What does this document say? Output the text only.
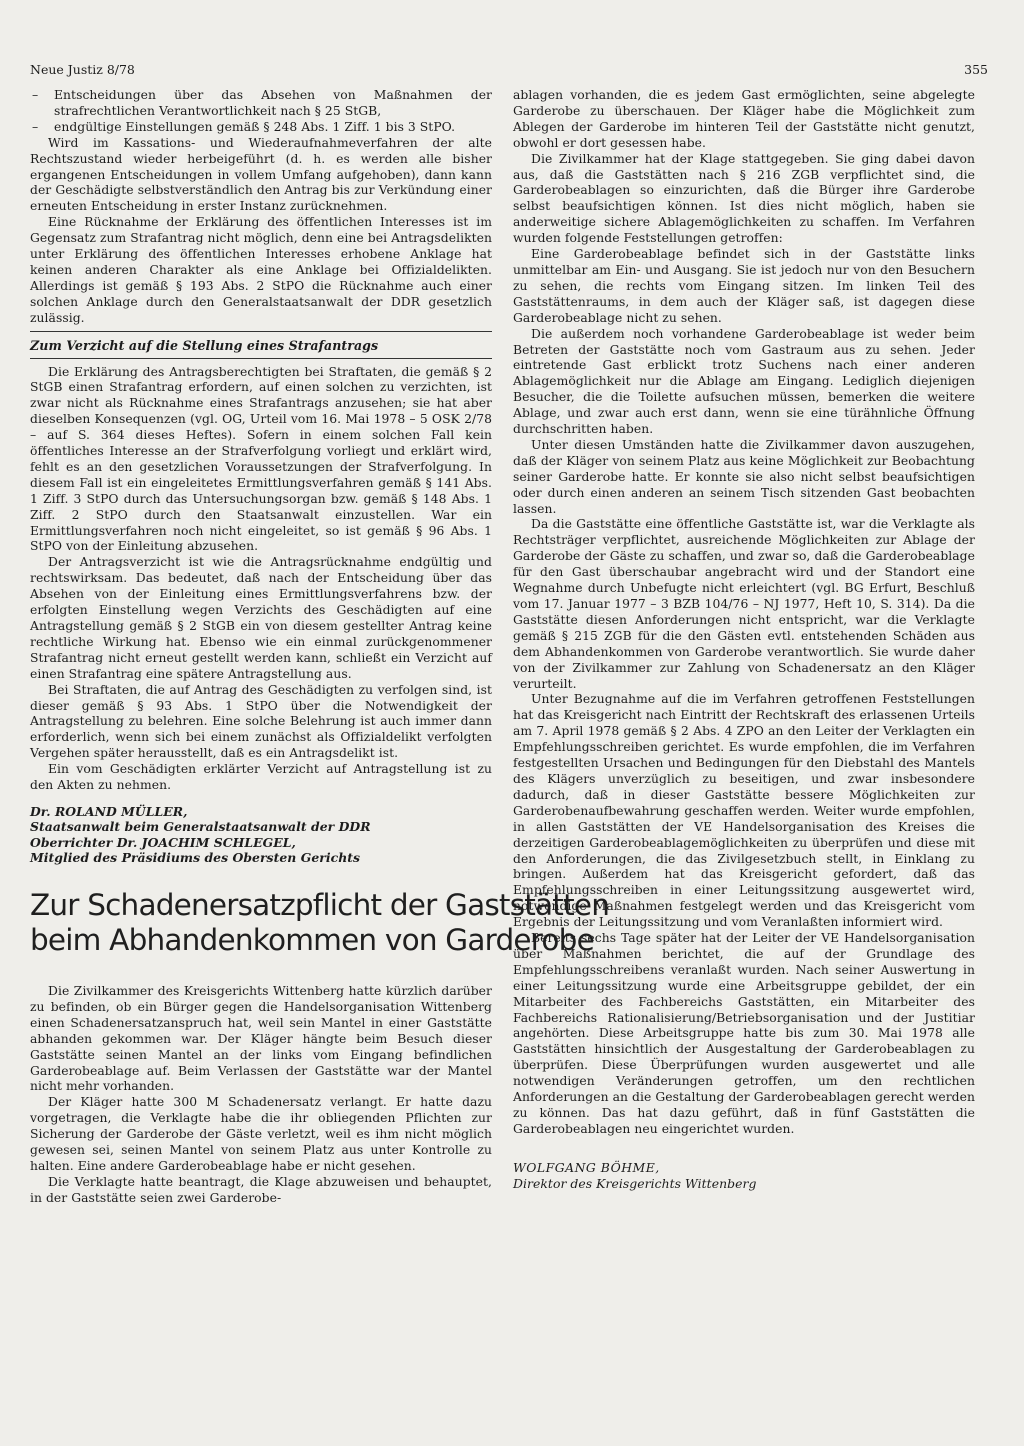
Neue Justiz 8/78	355
– Entscheidungen über das Absehen von Maßnahmen der strafrechtlichen Verantwortlichkeit nach § 25 StGB,
– endgültige Einstellungen gemäß § 248 Abs. 1 Ziff. 1 bis 3 StPO.

Wird im Kassations- und Wiederaufnahmeverfahren der alte Rechtszustand wieder herbeigeführt (d. h. es werden alle bisher ergangenen Entscheidungen in vollem Umfang aufgehoben), dann kann der Geschädigte selbstverständlich den Antrag bis zur Verkündung einer erneuten Entscheidung in erster Instanz zurücknehmen.

Eine Rücknahme der Erklärung des öffentlichen Interesses ist im Gegensatz zum Strafantrag nicht möglich, denn eine bei Antragsdelikten unter Erklärung des öffentlichen Interesses erhobene Anklage hat keinen anderen Charakter als eine Anklage bei Offizialdelikten. Allerdings ist gemäß § 193 Abs. 2 StPO die Rücknahme auch einer solchen Anklage durch den Generalstaatsanwalt der DDR gesetzlich zulässig.

Zum Verzicht auf die Stellung eines Strafantrags

Die Erklärung des Antragsberechtigten bei Straftaten, die gemäß § 2 StGB einen Strafantrag erfordern, auf einen solchen zu verzichten, ist zwar nicht als Rücknahme eines Strafantrags anzusehen; sie hat aber dieselben Konsequenzen (vgl. OG, Urteil vom 16. Mai 1978 – 5 OSK 2/78 – auf S. 364 dieses Heftes). Sofern in einem solchen Fall kein öffentliches Interesse an der Strafverfolgung vorliegt und erklärt wird, fehlt es an den gesetzlichen Voraussetzungen der Strafverfolgung. In diesem Fall ist ein eingeleitetes Ermittlungsverfahren gemäß § 141 Abs. 1 Ziff. 3 StPO durch das Untersuchungsorgan bzw. gemäß § 148 Abs. 1 Ziff. 2 StPO durch den Staatsanwalt einzustellen. War ein Ermittlungsverfahren noch nicht eingeleitet, so ist gemäß § 96 Abs. 1 StPO von der Einleitung abzusehen.

Der Antragsverzicht ist wie die Antragsrücknahme endgültig und rechtswirksam. Das bedeutet, daß nach der Entscheidung über das Absehen von der Einleitung eines Ermittlungsverfahrens bzw. der erfolgten Einstellung wegen Verzichts des Geschädigten auf eine Antragstellung gemäß § 2 StGB ein von diesem gestellter Antrag keine rechtliche Wirkung hat. Ebenso wie ein einmal zurückgenommener Strafantrag nicht erneut gestellt werden kann, schließt ein Verzicht auf einen Strafantrag eine spätere Antragstellung aus.

Bei Straftaten, die auf Antrag des Geschädigten zu verfolgen sind, ist dieser gemäß § 93 Abs. 1 StPO über die Notwendigkeit der Antragstellung zu belehren. Eine solche Belehrung ist auch immer dann erforderlich, wenn sich bei einem zunächst als Offizialdelikt verfolgten Vergehen später herausstellt, daß es ein Antragsdelikt ist.

Ein vom Geschädigten erklärter Verzicht auf Antragstellung ist zu den Akten zu nehmen.

Dr. ROLAND MÜLLER,
Staatsanwalt beim Generalstaatsanwalt der DDR
Oberrichter Dr. JOACHIM SCHLEGEL,
Mitglied des Präsidiums des Obersten Gerichts
Zur Schadenersatzpflicht der Gaststätten
beim Abhandenkommen von Garderobe

Die Zivilkammer des Kreisgerichts Wittenberg hatte kürzlich darüber zu befinden, ob ein Bürger gegen die Handelsorganisation Wittenberg einen Schadenersatzanspruch hat, weil sein Mantel in einer Gaststätte abhanden gekommen war. Der Kläger hängte beim Besuch dieser Gaststätte seinen Mantel an der links vom Eingang befindlichen Garderobeablage auf. Beim Verlassen der Gaststätte war der Mantel nicht mehr vorhanden.

Der Kläger hatte 300 M Schadenersatz verlangt. Er hatte dazu vorgetragen, die Verklagte habe die ihr obliegenden Pflichten zur Sicherung der Garderobe der Gäste verletzt, weil es ihm nicht möglich gewesen sei, seinen Mantel von seinem Platz aus unter Kontrolle zu halten. Eine andere Garderobeablage habe er nicht gesehen.

Die Verklagte hatte beantragt, die Klage abzuweisen und behauptet, in der Gaststätte seien zwei Garderobe-

ablagen vorhanden, die es jedem Gast ermöglichten, seine abgelegte Garderobe zu überschauen. Der Kläger habe die Möglichkeit zum Ablegen der Garderobe im hinteren Teil der Gaststätte nicht genutzt, obwohl er dort gesessen habe.

Die Zivilkammer hat der Klage stattgegeben. Sie ging dabei davon aus, daß die Gaststätten nach § 216 ZGB verpflichtet sind, die Garderobeablagen so einzurichten, daß die Bürger ihre Garderobe selbst beaufsichtigen können. Ist dies nicht möglich, haben sie anderweitige sichere Ablagemöglichkeiten zu schaffen. Im Verfahren wurden folgende Feststellungen getroffen:

Eine Garderobeablage befindet sich in der Gaststätte links unmittelbar am Ein- und Ausgang. Sie ist jedoch nur von den Besuchern zu sehen, die rechts vom Eingang sitzen. Im linken Teil des Gaststättenraums, in dem auch der Kläger saß, ist dagegen diese Garderobeablage nicht zu sehen.

Die außerdem noch vorhandene Garderobeablage ist weder beim Betreten der Gaststätte noch vom Gastraum aus zu sehen. Jeder eintretende Gast erblickt trotz Suchens nach einer anderen Ablagemöglichkeit nur die Ablage am Eingang. Lediglich diejenigen Besucher, die die Toilette aufsuchen müssen, bemerken die weitere Ablage, und zwar auch erst dann, wenn sie eine türähnliche Öffnung durchschritten haben.

Unter diesen Umständen hatte die Zivilkammer davon auszugehen, daß der Kläger von seinem Platz aus keine Möglichkeit zur Beobachtung seiner Garderobe hatte. Er konnte sie also nicht selbst beaufsichtigen oder durch einen anderen an seinem Tisch sitzenden Gast beobachten lassen.

Da die Gaststätte eine öffentliche Gaststätte ist, war die Verklagte als Rechtsträger verpflichtet, ausreichende Möglichkeiten zur Ablage der Garderobe der Gäste zu schaffen, und zwar so, daß die Garderobeablage für den Gast überschaubar angebracht wird und der Standort eine Wegnahme durch Unbefugte nicht erleichtert (vgl. BG Erfurt, Beschluß vom 17. Januar 1977 – 3 BZB 104/76 – NJ 1977, Heft 10, S. 314). Da die Gaststätte diesen Anforderungen nicht entspricht, war die Verklagte gemäß § 215 ZGB für die den Gästen evtl. entstehenden Schäden aus dem Abhandenkommen von Garderobe verantwortlich. Sie wurde daher von der Zivilkammer zur Zahlung von Schadenersatz an den Kläger verurteilt.

Unter Bezugnahme auf die im Verfahren getroffenen Feststellungen hat das Kreisgericht nach Eintritt der Rechtskraft des erlassenen Urteils am 7. April 1978 gemäß § 2 Abs. 4 ZPO an den Leiter der Verklagten ein Empfehlungsschreiben gerichtet. Es wurde empfohlen, die im Verfahren festgestellten Ursachen und Bedingungen für den Diebstahl des Mantels des Klägers unverzüglich zu beseitigen, und zwar insbesondere dadurch, daß in dieser Gaststätte bessere Möglichkeiten zur Garderobenaufbewahrung geschaffen werden. Weiter wurde empfohlen, in allen Gaststätten der VE Handelsorganisation des Kreises die derzeitigen Garderobeablagemöglichkeiten zu überprüfen und diese mit den Anforderungen, die das Zivilgesetzbuch stellt, in Einklang zu bringen. Außerdem hat das Kreisgericht gefordert, daß das Empfehlungsschreiben in einer Leitungssitzung ausgewertet wird, notwendige Maßnahmen festgelegt werden und das Kreisgericht vom Ergebnis der Leitungssitzung und vom Veranlaßten informiert wird.

Bereits sechs Tage später hat der Leiter der VE Handelsorganisation über Maßnahmen berichtet, die auf der Grundlage des Empfehlungsschreibens veranlaßt wurden. Nach seiner Auswertung in einer Leitungssitzung wurde eine Arbeitsgruppe gebildet, der ein Mitarbeiter des Fachbereichs Gaststätten, ein Mitarbeiter des Fachbereichs Rationalisierung/Betriebsorganisation und der Justitiar angehörten. Diese Arbeitsgruppe hatte bis zum 30. Mai 1978 alle Gaststätten hinsichtlich der Ausgestaltung der Garderobeablagen zu überprüfen. Diese Überprüfungen wurden ausgewertet und alle notwendigen Veränderungen getroffen, um den rechtlichen Anforderungen an die Gestaltung der Garderobeablagen gerecht werden zu können. Das hat dazu geführt, daß in fünf Gaststätten die Garderobeablagen neu eingerichtet wurden.

WOLFGANG BÖHME,
Direktor des Kreisgerichts Wittenberg
